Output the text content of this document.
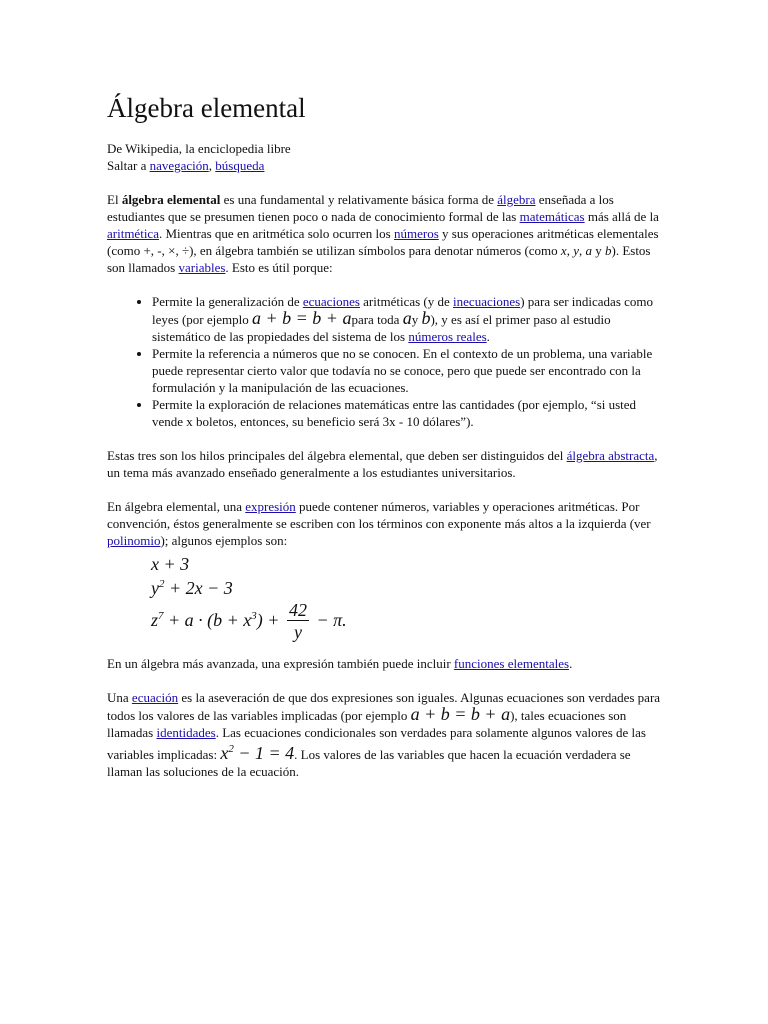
Álgebra elemental

De Wikipedia, la enciclopedia libre

Saltar a navegación, búsqueda

El álgebra elemental es una fundamental y relativamente básica forma de álgebra enseñada a los estudiantes que se presumen tienen poco o nada de conocimiento formal de las matemáticas más allá de la aritmética. Mientras que en aritmética solo ocurren los números y sus operaciones aritméticas elementales (como +, -, ×, ÷), en álgebra también se utilizan símbolos para denotar números (como x, y, a y b). Estos son llamados variables. Esto es útil porque:

• Permite la generalización de ecuaciones aritméticas (y de inecuaciones) para ser indicadas como leyes (por ejemplo a + b = b + apara toda ay b), y es así el primer paso al estudio sistemático de las propiedades del sistema de los números reales.
• Permite la referencia a números que no se conocen. En el contexto de un problema, una variable puede representar cierto valor que todavía no se conoce, pero que puede ser encontrado con la formulación y la manipulación de las ecuaciones.
• Permite la exploración de relaciones matemáticas entre las cantidades (por ejemplo, “si usted vende x boletos, entonces, su beneficio será 3x - 10 dólares”).

Estas tres son los hilos principales del álgebra elemental, que deben ser distinguidos del álgebra abstracta, un tema más avanzado enseñado generalmente a los estudiantes universitarios.

En álgebra elemental, una expresión puede contener números, variables y operaciones aritméticas. Por convención, éstos generalmente se escriben con los términos con exponente más altos a la izquierda (ver polinomio); algunos ejemplos son:

x + 3
$y^2 + 2x - 3$
$z^7 + a \cdot (b + x^3) + \frac{42}{y} - \pi$.

En un álgebra más avanzada, una expresión también puede incluir funciones elementales.

Una ecuación es la aseveración de que dos expresiones son iguales. Algunas ecuaciones son verdades para todos los valores de las variables implicadas (por ejemplo a + b = b + a), tales ecuaciones son llamadas identidades. Las ecuaciones condicionales son verdades para solamente algunos valores de las variables implicadas: $x^2 - 1 = 4$. Los valores de las variables que hacen la ecuación verdadera se llaman las soluciones de la ecuación.
